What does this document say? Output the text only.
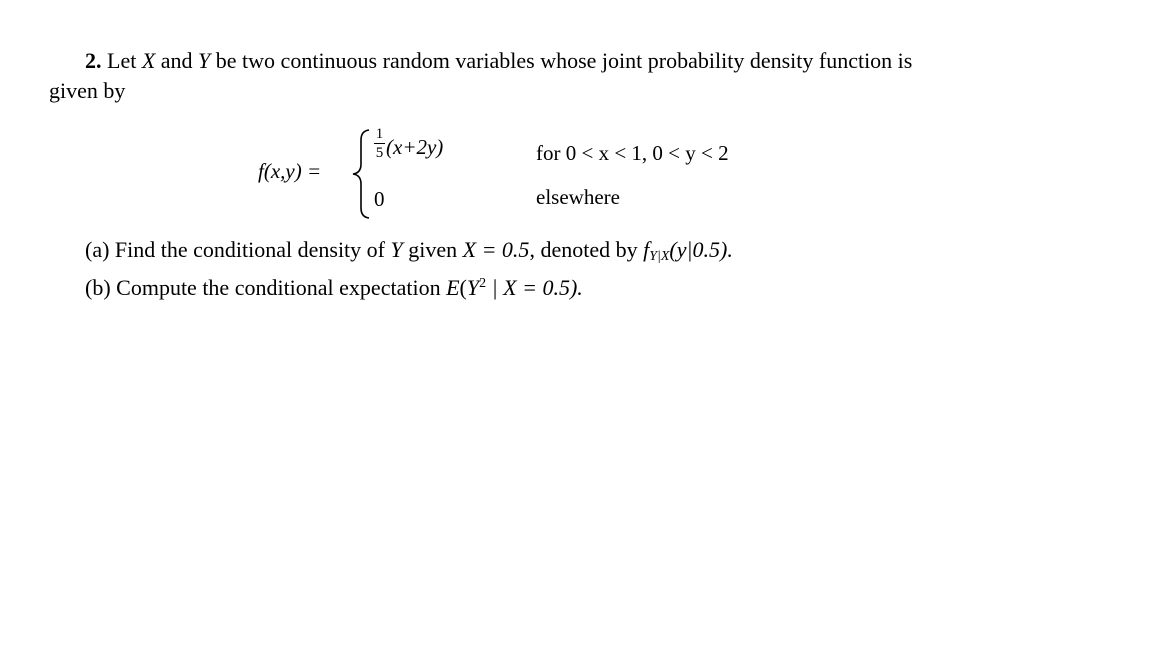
2. Let X and Y be two continuous random variables whose joint probability density function is
given by
f(x,y) =
$\frac{1}{5} (x+2y)$
0
for 0 < x < 1, 0 < y < 2
elsewhere
(a) Find the conditional density of Y given X = 0.5, denoted by $f_{Y|X}(y|0.5)$.
(b) Compute the conditional expectation $E(Y^2$ | X = 0.5).
